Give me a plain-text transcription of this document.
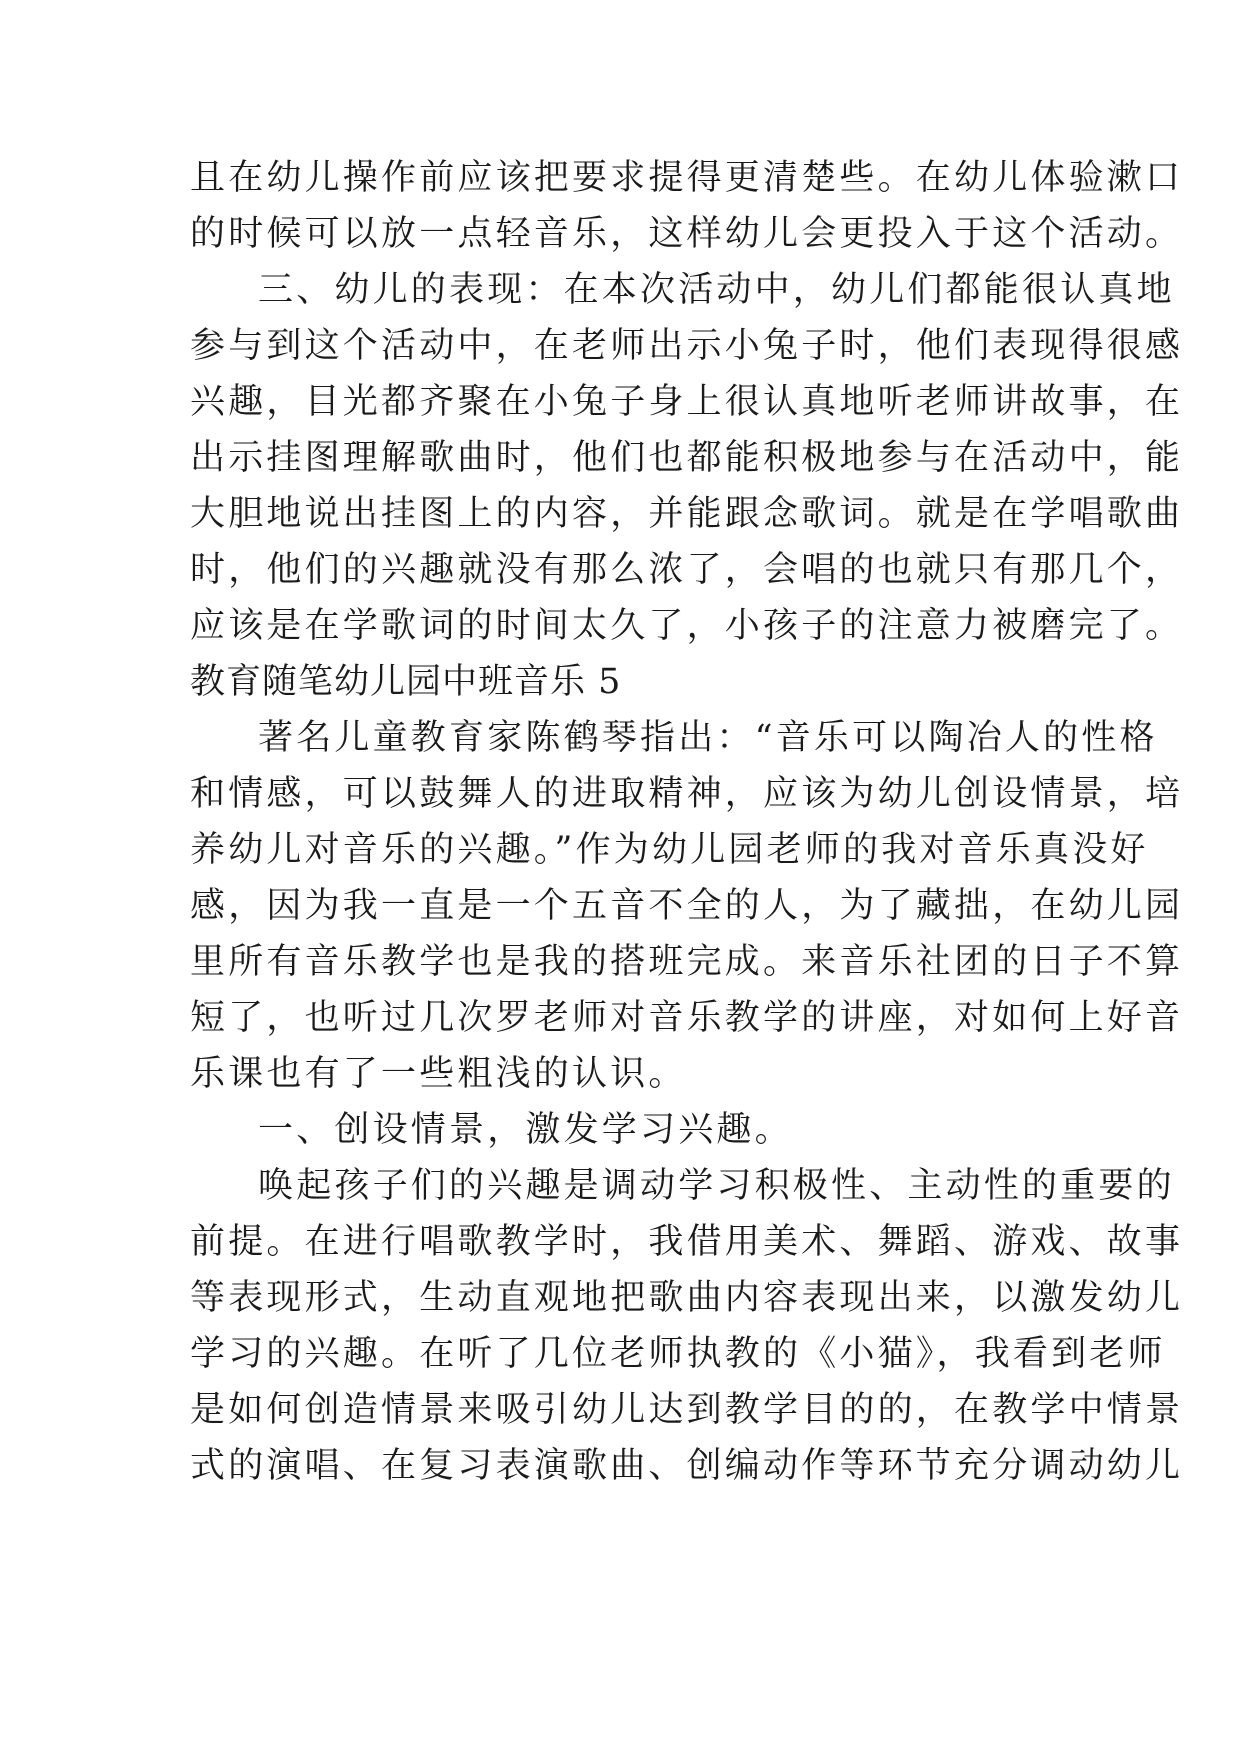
且在幼儿操作前应该把要求提得更清楚些。在幼儿体验漱口
的时候可以放一点轻音乐，这样幼儿会更投入于这个活动。
三、幼儿的表现：在本次活动中，幼儿们都能很认真地
参与到这个活动中，在老师出示小兔子时，他们表现得很感
兴趣，目光都齐聚在小兔子身上很认真地听老师讲故事，在
出示挂图理解歌曲时，他们也都能积极地参与在活动中，能
大胆地说出挂图上的内容，并能跟念歌词。就是在学唱歌曲
时，他们的兴趣就没有那么浓了，会唱的也就只有那几个，
应该是在学歌词的时间太久了，小孩子的注意力被磨完了。
教育随笔幼儿园中班音乐 5
著名儿童教育家陈鹤琴指出：“音乐可以陶冶人的性格
和情感，可以鼓舞人的进取精神，应该为幼儿创设情景，培
养幼儿对音乐的兴趣。”作为幼儿园老师的我对音乐真没好
感，因为我一直是一个五音不全的人，为了藏拙，在幼儿园
里所有音乐教学也是我的搭班完成。来音乐社团的日子不算
短了，也听过几次罗老师对音乐教学的讲座，对如何上好音
乐课也有了一些粗浅的认识。
一、创设情景，激发学习兴趣。
唤起孩子们的兴趣是调动学习积极性、主动性的重要的
前提。在进行唱歌教学时，我借用美术、舞蹈、游戏、故事
等表现形式，生动直观地把歌曲内容表现出来，以激发幼儿
学习的兴趣。在听了几位老师执教的《小猫》，我看到老师
是如何创造情景来吸引幼儿达到教学目的的，在教学中情景
式的演唱、在复习表演歌曲、创编动作等环节充分调动幼儿
